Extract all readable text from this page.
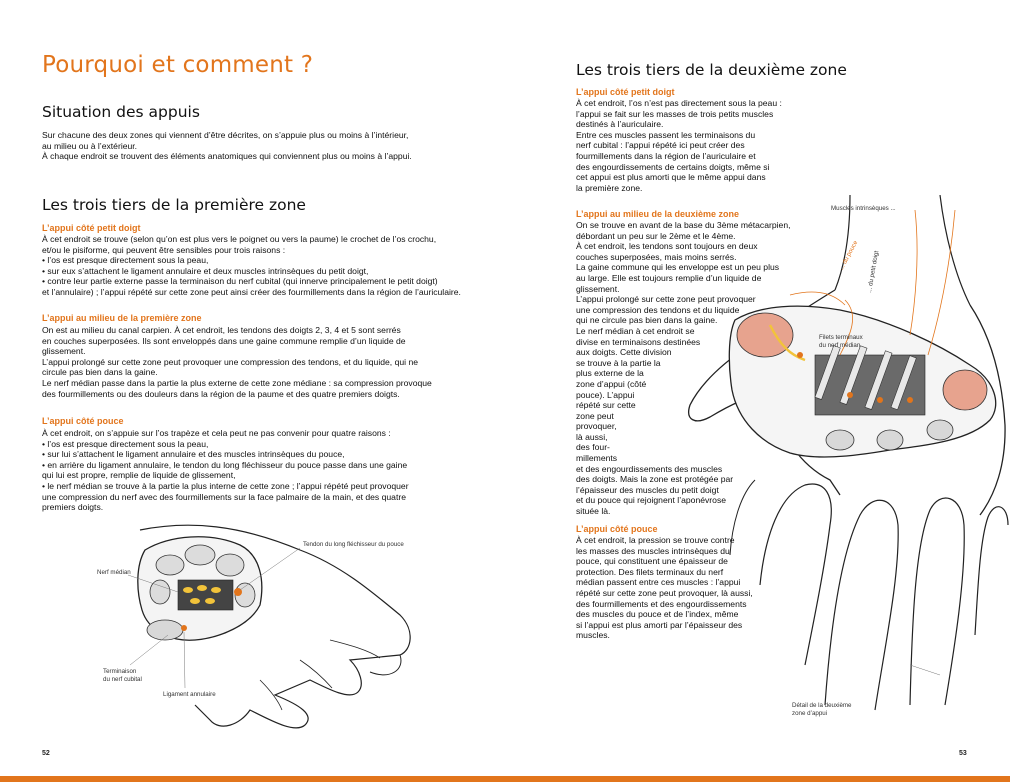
Pourquoi et comment ?
Situation des appuis
Sur chacune des deux zones qui viennent d’être décrites, on s’appuie plus ou moins à l’intérieur,
au milieu ou à l’extérieur.
À chaque endroit se trouvent des éléments anatomiques qui conviennent plus ou moins à l’appui.
Les trois tiers de la première zone
L’appui côté petit doigt
À cet endroit se trouve (selon qu’on est plus vers le poignet ou vers la paume) le crochet de l’os crochu,
et/ou le pisiforme, qui peuvent être sensibles pour trois raisons :
• l’os est presque directement sous la peau,
• sur eux s’attachent le ligament annulaire et deux muscles intrinsèques du petit doigt,
• contre leur partie externe passe la terminaison du nerf cubital (qui innerve principalement le petit doigt)
et l’annulaire) ; l’appui répété sur cette zone peut ainsi créer des fourmillements dans la région de l’auriculaire.
L’appui au milieu de la première zone
On est au milieu du canal carpien. À cet endroit, les tendons des doigts 2, 3, 4 et 5 sont serrés
en couches superposées. Ils sont enveloppés dans une gaine commune remplie d’un liquide de
glissement.
L’appui prolongé sur cette zone peut provoquer une compression des tendons, et du liquide, qui ne
circule pas bien dans la gaine.
Le nerf médian passe dans la partie la plus externe de cette zone médiane : sa compression provoque
des fourmillements ou des douleurs dans la région de la paume et des quatre premiers doigts.
L’appui côté pouce
À cet endroit, on s’appuie sur l’os trapèze et cela peut ne pas convenir pour quatre raisons :
• l’os est presque directement sous la peau,
• sur lui s’attachent le ligament annulaire et des muscles intrinsèques du pouce,
• en arrière du ligament annulaire, le tendon du long fléchisseur du pouce passe dans une gaine
qui lui est propre, remplie de liquide de glissement,
• le nerf médian se trouve à la partie la plus interne de cette zone ; l’appui répété peut provoquer
une compression du nerf avec des fourmillements sur la face palmaire de la main, et des quatre
premiers doigts.
Tendon du long fléchisseur du pouce
Nerf médian
Terminaison
du nerf cubital
Ligament annulaire
52
Les trois tiers de la deuxième zone
L’appui côté petit doigt
À cet endroit, l’os n’est pas directement sous la peau :
l’appui se fait sur les masses de trois petits muscles
destinés à l’auriculaire.
Entre ces muscles passent les terminaisons du
nerf cubital : l’appui répété ici peut créer des
fourmillements dans la région de l’auriculaire et
des engourdissements de certains doigts, même si
cet appui est plus amorti que le même appui dans
la première zone.
L’appui au milieu de la deuxième zone
On se trouve en avant de la base du 3ème métacarpien,
débordant un peu sur le 2ème et le 4ème.
À cet endroit, les tendons sont toujours en deux
couches superposées, mais moins serrés.
La gaine commune qui les enveloppe est un peu plus
au large. Elle est toujours remplie d’un liquide de
glissement.
L’appui prolongé sur cette zone peut provoquer
une compression des tendons et du liquide
qui ne circule pas bien dans la gaine.
Le nerf médian à cet endroit se
divise en terminaisons destinées
aux doigts. Cette division
se trouve à la partie la
plus externe de la
zone d’appui (côté
pouce). L’appui
répété sur cette
zone peut
provoquer,
là aussi,
des four-
millements
et des engourdissements des muscles
des doigts. Mais la zone est protégée par
l’épaisseur des muscles du petit doigt
et du pouce qui rejoignent l’aponévrose
située là.
L’appui côté pouce
À cet endroit, la pression se trouve contre
les masses des muscles intrinsèques du
pouce, qui constituent une épaisseur de
protection. Des filets terminaux du nerf
médian passent entre ces muscles : l’appui
répété sur cette zone peut provoquer, là aussi,
des fourmillements et des engourdissements
des muscles du pouce et de l’index, même
si l’appui est plus amorti par l’épaisseur des
muscles.
Muscles intrinsèques ...
Filets terminaux
du nerf médian
... du pouce ... du petit doigt
Détail de la deuxième
zone d’appui
53
